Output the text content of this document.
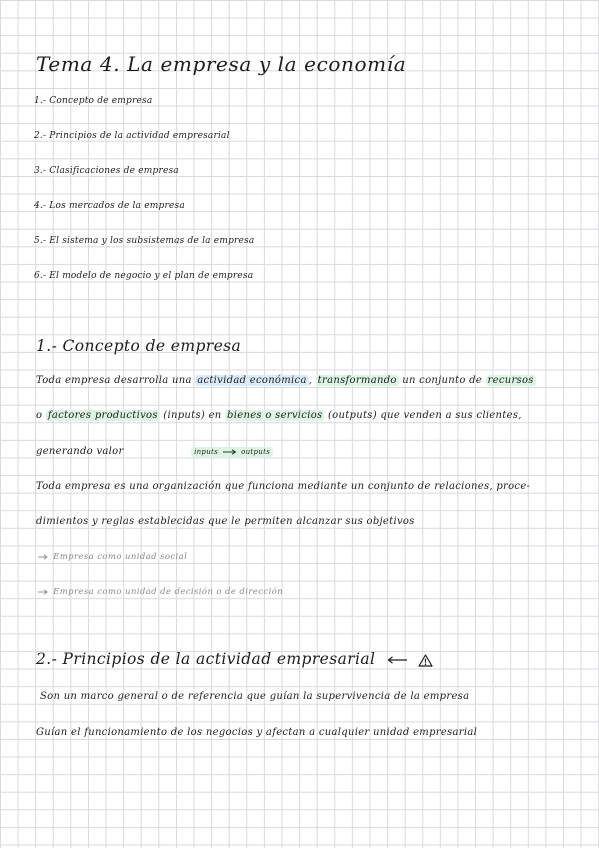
Tema 4. La empresa y la economía
1.- Concepto de empresa
2.- Principios de la actividad empresarial
3.- Clasificaciones de empresa
4.- Los mercados de la empresa
5.- El sistema y los subsistemas de la empresa
6.- El modelo de negocio y el plan de empresa
1.- Concepto de empresa
Toda empresa desarrolla una actividad económica , transformando un conjunto de recursos
o factores productivos (inputs) en bienes o servicios (outputs) que venden a sus clientes,
generando valor	inputs	outputs
Toda empresa es una organización que funciona mediante un conjunto de relaciones, proce-
dimientos y reglas establecidas que le permiten alcanzar sus objetivos
Empresa como unidad social
Empresa como unidad de decisión o de dirección
2.- Principios de la actividad empresarial
Son un marco general o de referencia que guían la supervivencia de la empresa
Guían el funcionamiento de los negocios y afectan a cualquier unidad empresarial
